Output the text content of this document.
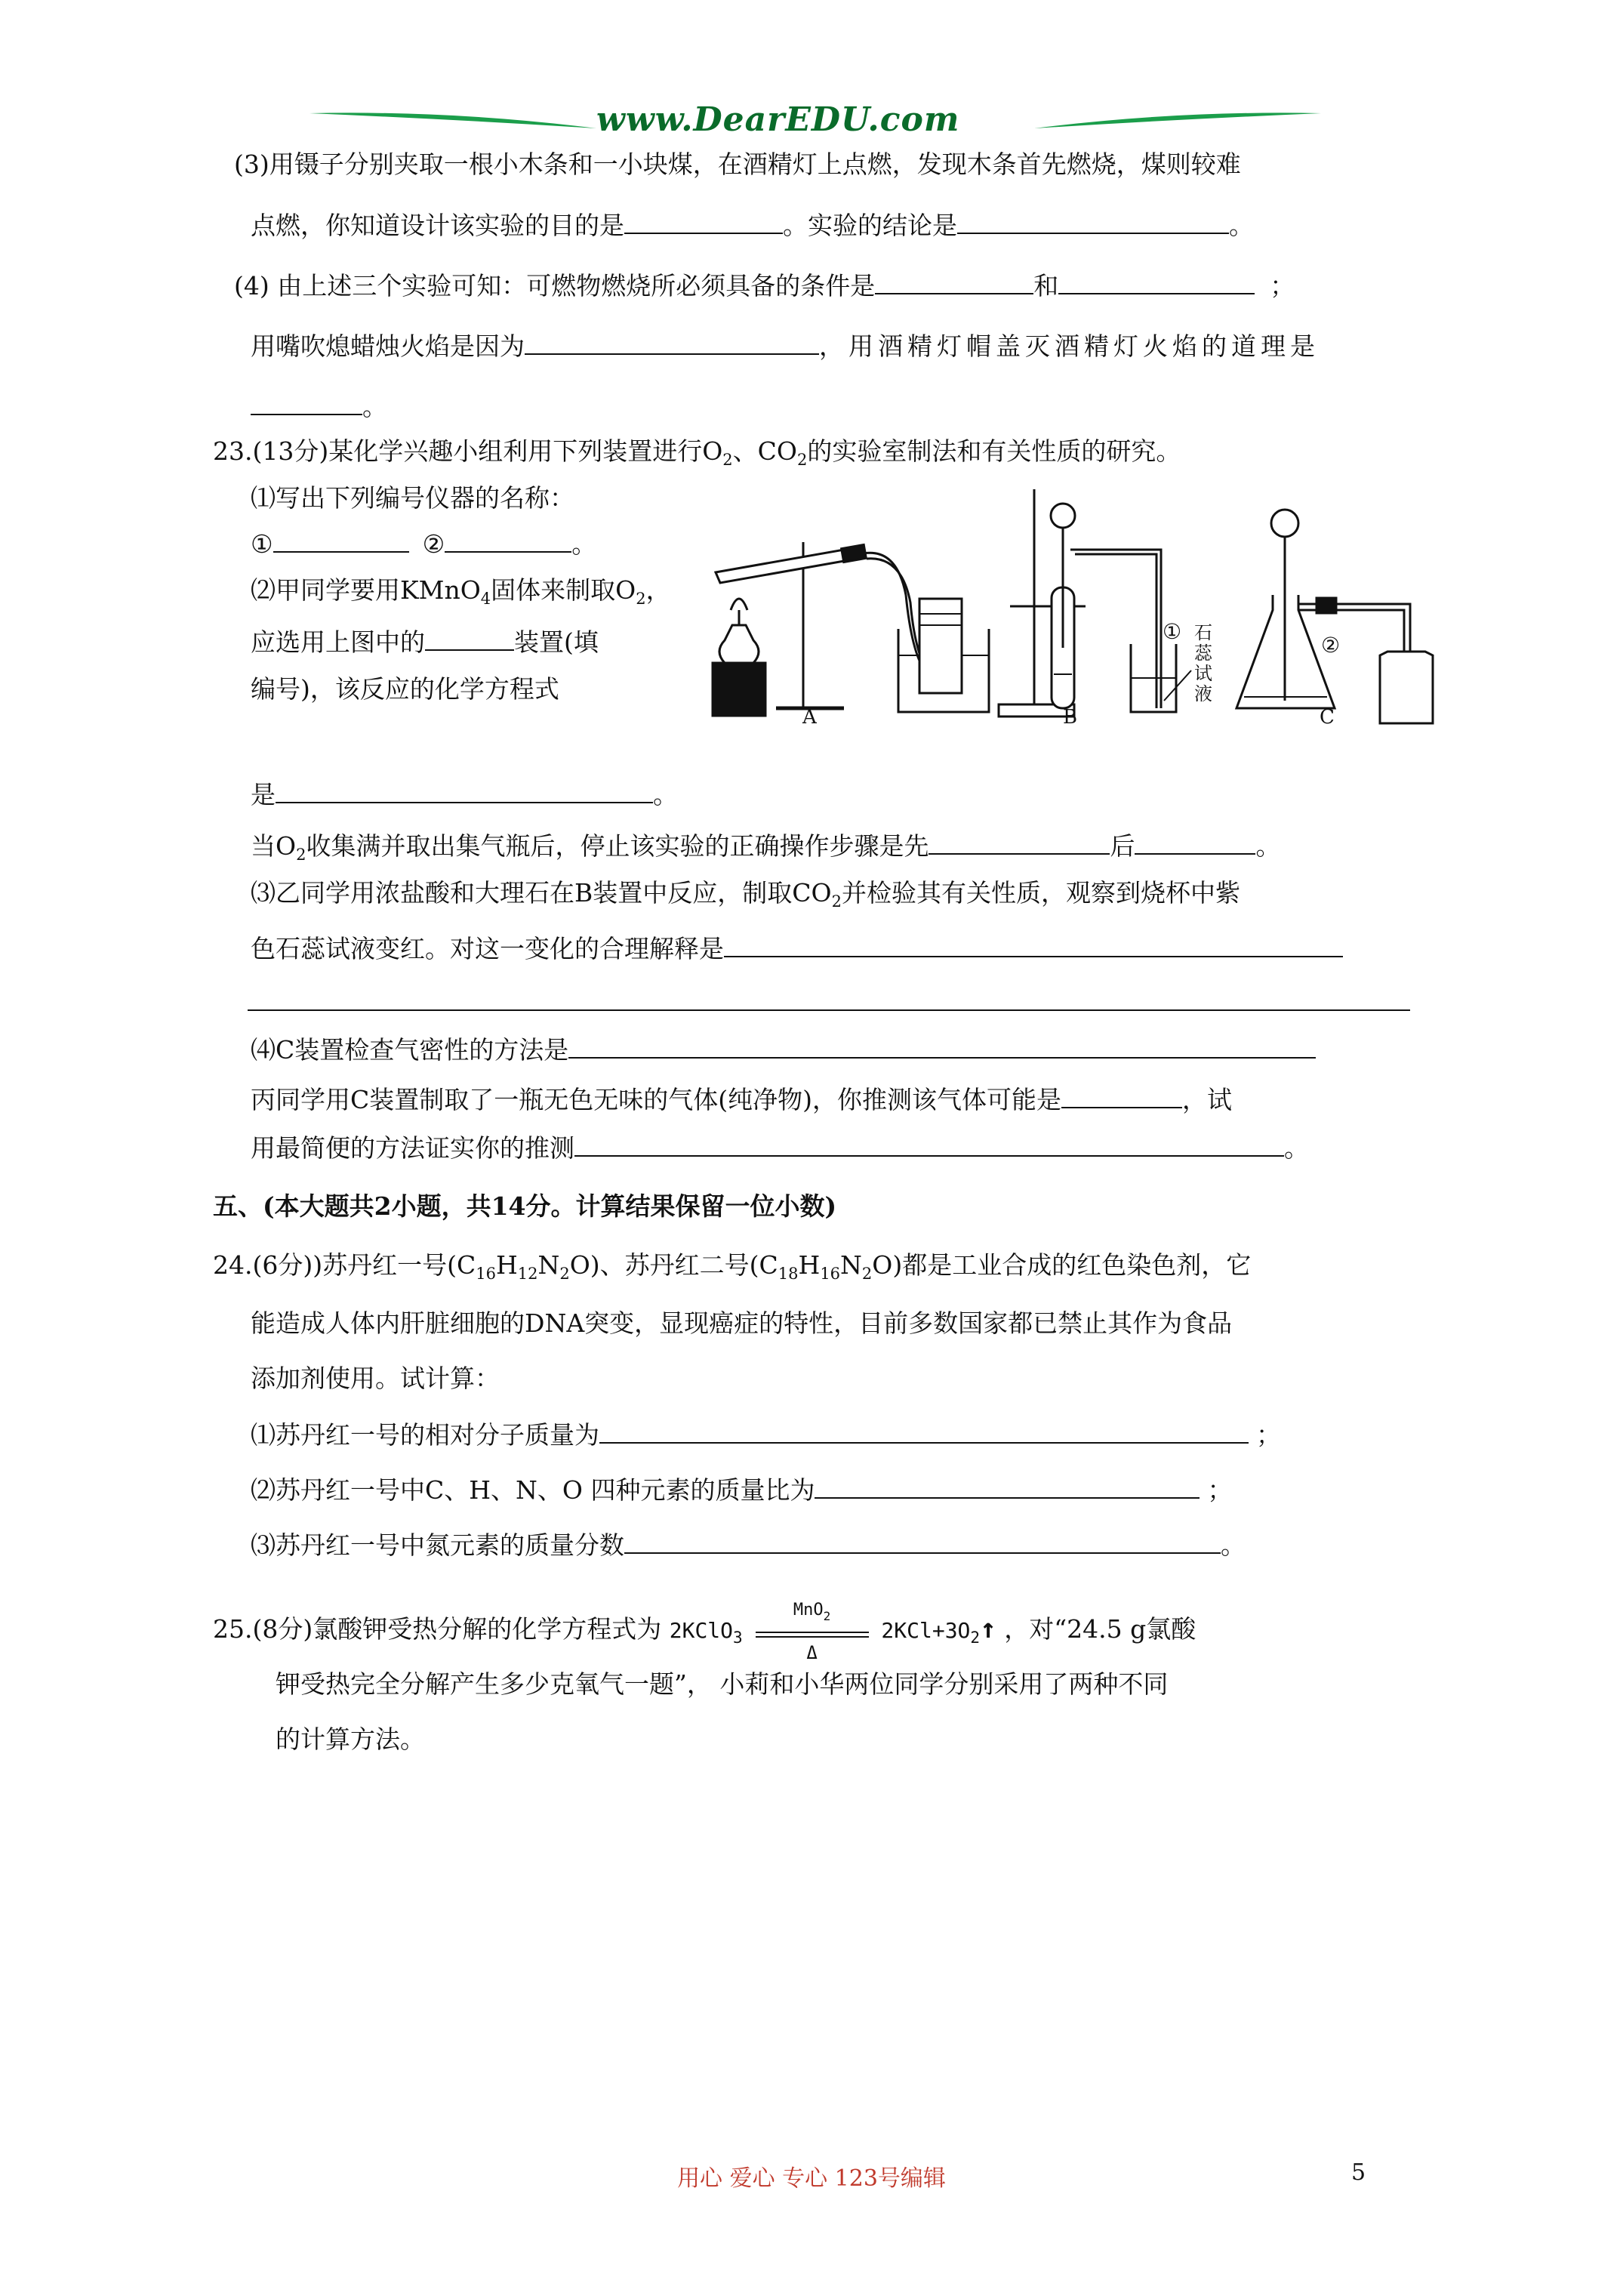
www.DearEDU.com
(3)用镊子分别夹取一根小木条和一小块煤，在酒精灯上点燃，发现木条首先燃烧，煤则较难
点燃，你知道设计该实验的目的是	。实验的结论是	。
(4) 由上述三个实验可知：可燃物燃烧所必须具备的条件是	和	；
用嘴吹熄蜡烛火焰是因为	，用酒精灯帽盖灭酒精灯火焰的道理是
。
23.(13分)某化学兴趣小组利用下列装置进行$O_2$、$CO_2$的实验室制法和有关性质的研究。
⑴写出下列编号仪器的名称：
①	②	。
⑵甲同学要用KMnO$_4$固体来制取$O_2$，
应选用上图中的	装置(填
编号)，该反应的化学方程式
A	B	C
①
②
石蕊试液
是	。
当$O_2$收集满并取出集气瓶后，停止该实验的正确操作步骤是先	后	。
⑶乙同学用浓盐酸和大理石在B装置中反应，制取$CO_2$并检验其有关性质，观察到烧杯中紫
色石蕊试液变红。对这一变化的合理解释是
⑷C装置检查气密性的方法是
丙同学用C装置制取了一瓶无色无味的气体(纯净物)，你推测该气体可能是	，试
用最简便的方法证实你的推测	。
五、(本大题共2小题，共14分。计算结果保留一位小数)
24.(6分))苏丹红一号$(C_{16}H_{12}N_2O)$、苏丹红二号$(C_{18}H_{16}N_2O)$都是工业合成的红色染色剂，它
能造成人体内肝脏细胞的DNA突变，显现癌症的特性，目前多数国家都已禁止其作为食品
添加剂使用。试计算：
⑴苏丹红一号的相对分子质量为	；
⑵苏丹红一号中C、H、N、O 四种元素的质量比为	；
⑶苏丹红一号中氮元素的质量分数	。
25.(8分)氯酸钾受热分解的化学方程式为 2KClO$_3$
MnO$_2$
Δ
$2KCl+3O_2↑$ ，对“24.5 g氯酸
钾受热完全分解产生多少克氧气一题”， 小莉和小华两位同学分别采用了两种不同
的计算方法。
用心 爱心 专心 123号编辑	5
